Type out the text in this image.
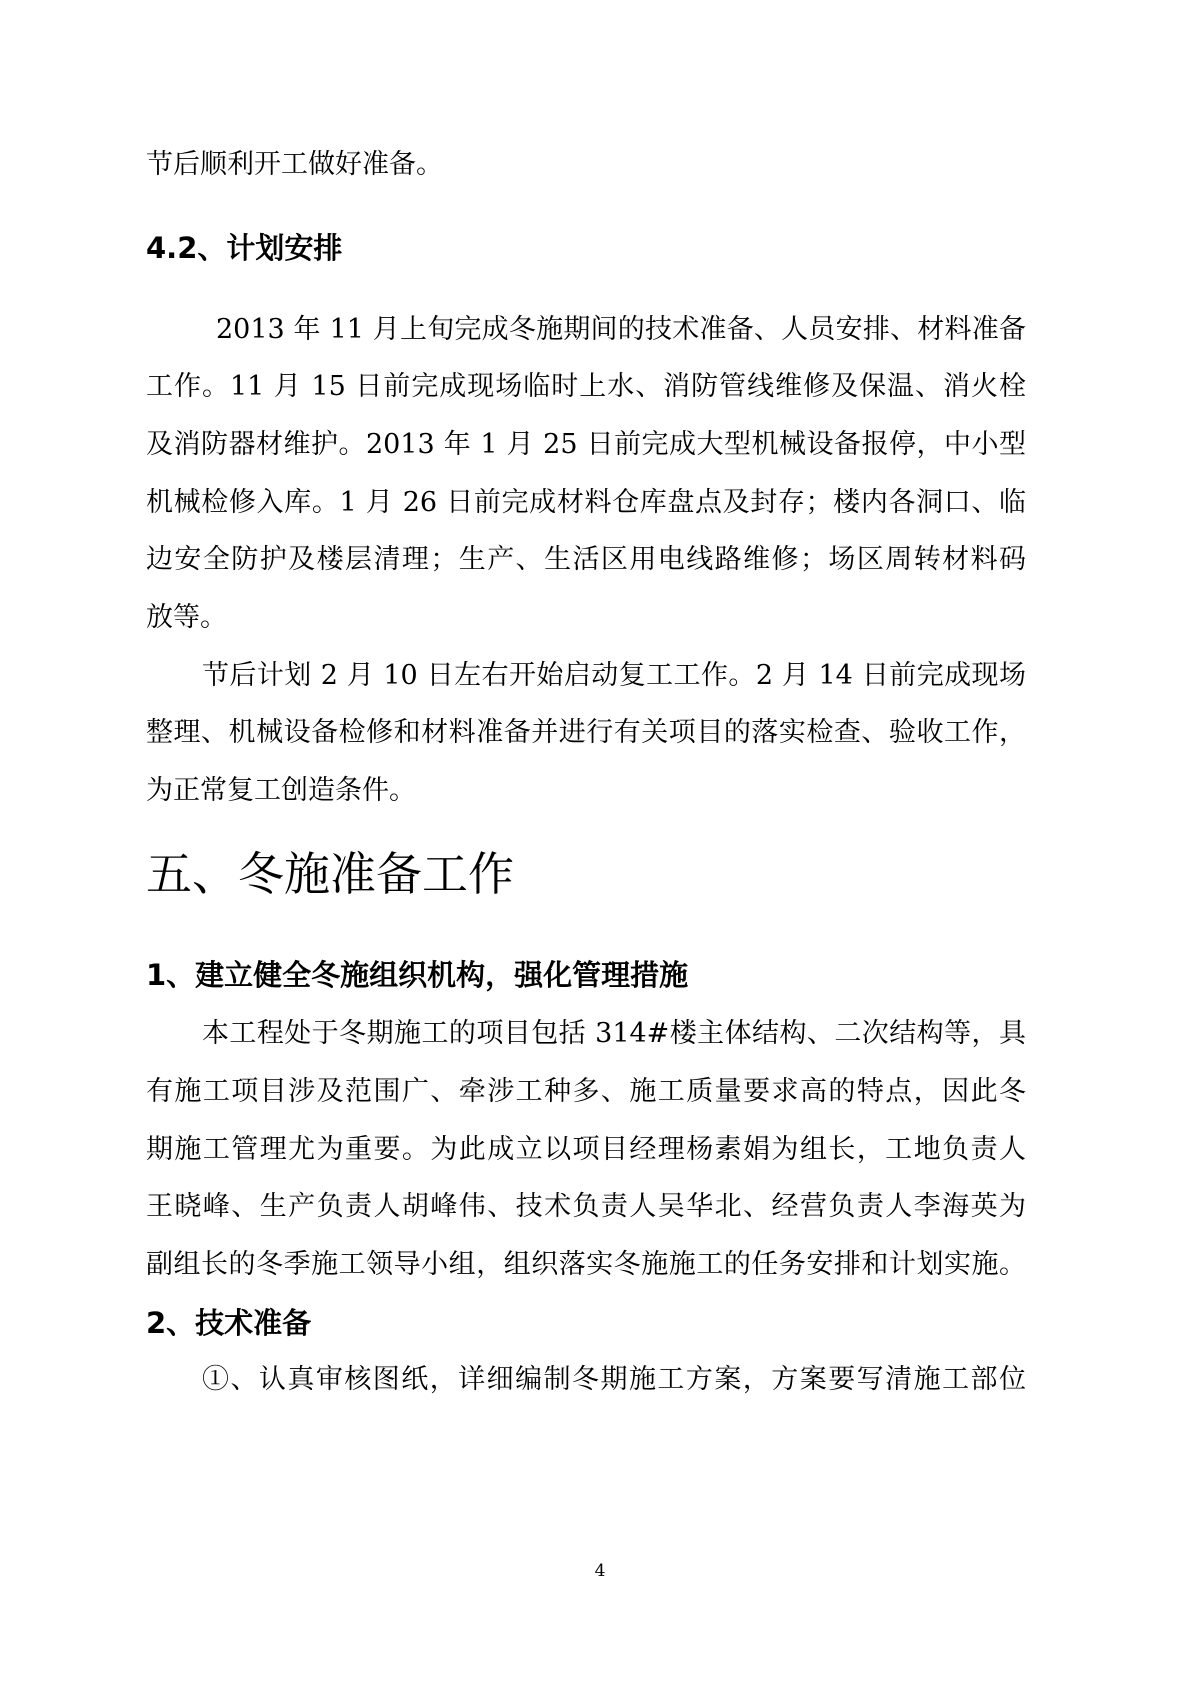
节后顺利开工做好准备。
4.2、计划安排
2013 年 11 月上旬完成冬施期间的技术准备、人员安排、材料准备
工作。11 月 15 日前完成现场临时上水、消防管线维修及保温、消火栓
及消防器材维护。2013 年 1 月 25 日前完成大型机械设备报停，中小型
机械检修入库。1 月 26 日前完成材料仓库盘点及封存；楼内各洞口、临
边安全防护及楼层清理；生产、生活区用电线路维修；场区周转材料码
放等。
节后计划 2 月 10 日左右开始启动复工工作。2 月 14 日前完成现场
整理、机械设备检修和材料准备并进行有关项目的落实检查、验收工作，
为正常复工创造条件。
五、冬施准备工作
1、建立健全冬施组织机构，强化管理措施
本工程处于冬期施工的项目包括 314#楼主体结构、二次结构等，具
有施工项目涉及范围广、牵涉工种多、施工质量要求高的特点，因此冬
期施工管理尤为重要。为此成立以项目经理杨素娟为组长，工地负责人
王晓峰、生产负责人胡峰伟、技术负责人吴华北、经营负责人李海英为
副组长的冬季施工领导小组，组织落实冬施施工的任务安排和计划实施。
2、技术准备
①、认真审核图纸，详细编制冬期施工方案，方案要写清施工部位
4
